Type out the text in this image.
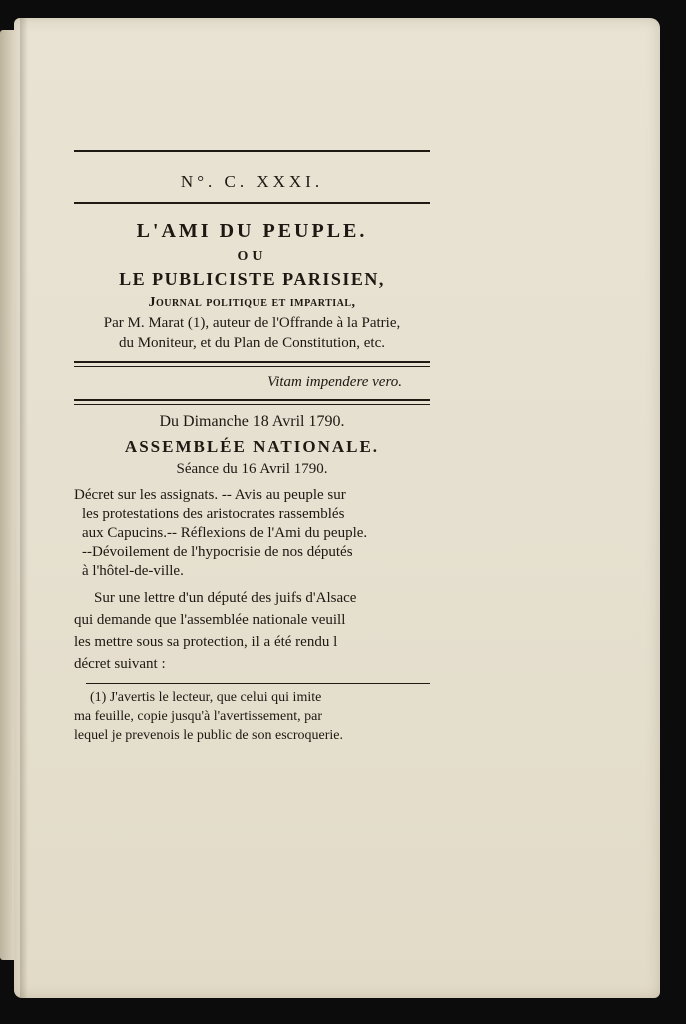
N°. C. XXXI.
L'AMI DU PEUPLE.
OU
LE PUBLICISTE PARISIEN,
Journal politique et impartial,
Par M. Marat (1), auteur de l'Offrande à la Patrie,
du Moniteur, et du Plan de Constitution, etc.
Vitam impendere vero.
Du Dimanche 18 Avril 1790.
ASSEMBLÉE NATIONALE.
Séance du 16 Avril 1790.
Décret sur les assignats. -- Avis au peuple sur
les protestations des aristocrates rassemblés
aux Capucins.-- Réflexions de l'Ami du peuple.
--Dévoilement de l'hypocrisie de nos députés
à l'hôtel-de-ville.
Sur une lettre d'un député des juifs d'Alsace
qui demande que l'assemblée nationale veuill
les mettre sous sa protection, il a été rendu l
décret suivant :
(1) J'avertis le lecteur, que celui qui imite
ma feuille, copie jusqu'à l'avertissement, par
lequel je prevenois le public de son escroquerie.
